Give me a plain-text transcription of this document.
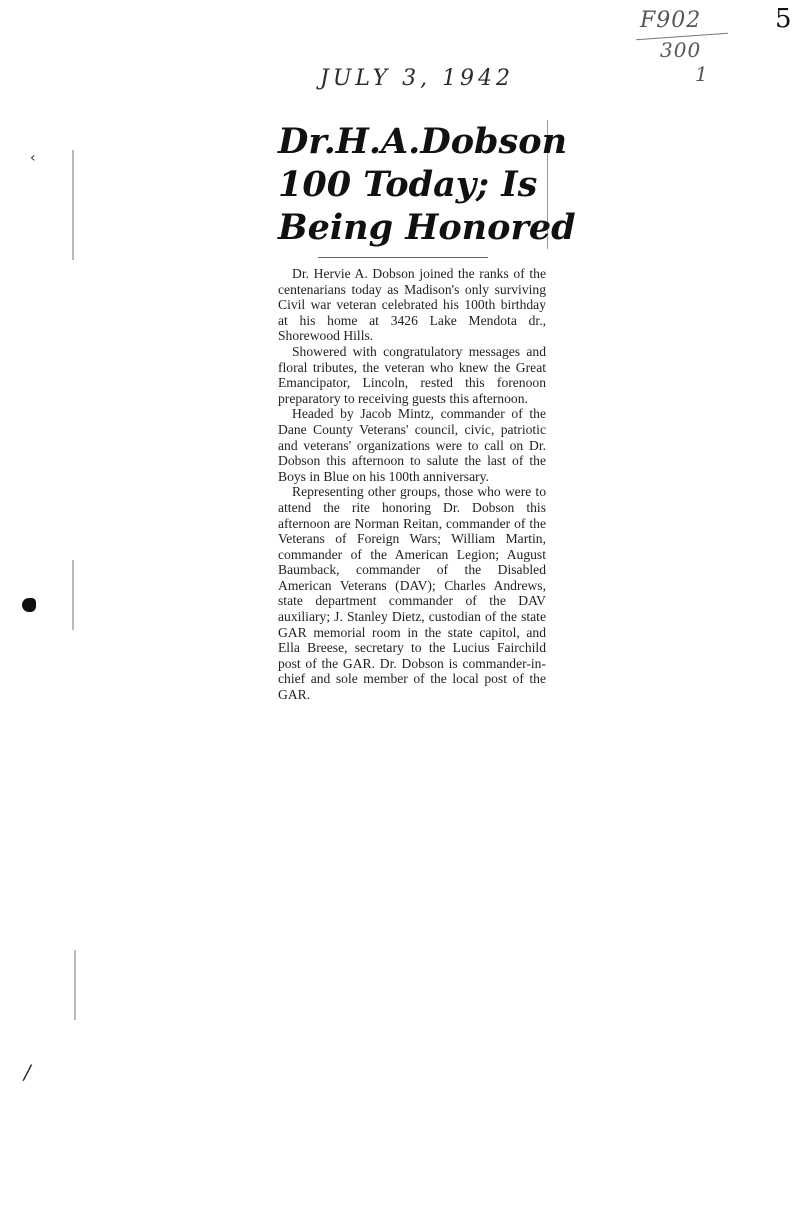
JULY 3, 1942
F902
300
1
5
‹
/
Dr.H.A.Dobson
100 Today; Is
Being Honored

Dr. Hervie A. Dobson joined the ranks of the centenarians today as Madison's only surviving Civil war veteran celebrated his 100th birthday at his home at 3426 Lake Mendota dr., Shorewood Hills.

Showered with congratulatory messages and floral tributes, the veteran who knew the Great Emancipator, Lincoln, rested this forenoon preparatory to receiving guests this afternoon.

Headed by Jacob Mintz, commander of the Dane County Veterans' council, civic, patriotic and veterans' organizations were to call on Dr. Dobson this afternoon to salute the last of the Boys in Blue on his 100th anniversary.

Representing other groups, those who were to attend the rite honoring Dr. Dobson this afternoon are Norman Reitan, commander of the Veterans of Foreign Wars; William Martin, commander of the American Legion; August Baumback, commander of the Disabled American Veterans (DAV); Charles Andrews, state department commander of the DAV auxiliary; J. Stanley Dietz, custodian of the state GAR memorial room in the state capitol, and Ella Breese, secretary to the Lucius Fairchild post of the GAR. Dr. Dobson is commander-in-chief and sole member of the local post of the GAR.
